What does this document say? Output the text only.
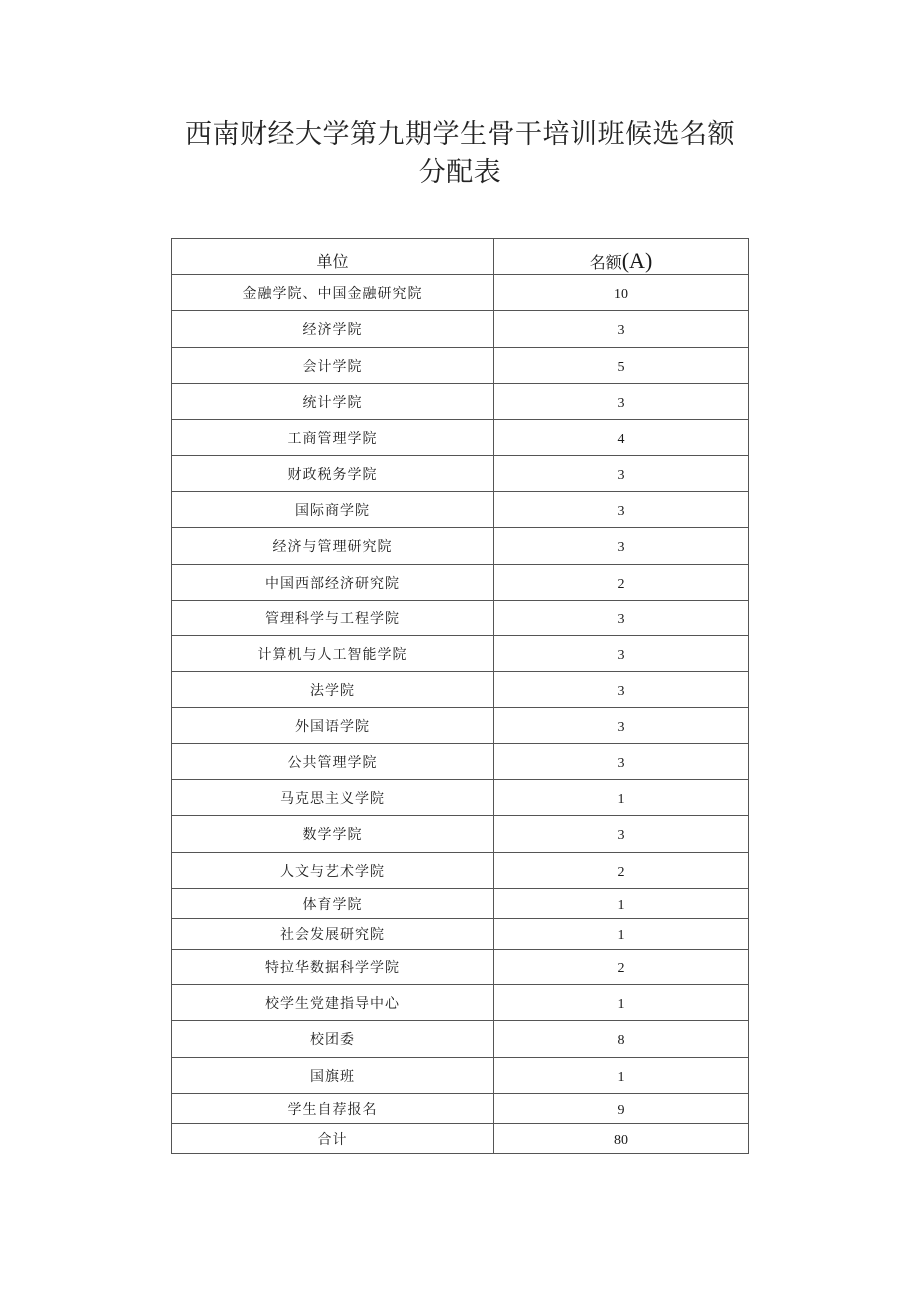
西南财经大学第九期学生骨干培训班候选名额
分配表
单位	名额(A)
金融学院、中国金融研究院	10
经济学院	3
会计学院	5
统计学院	3
工商管理学院	4
财政税务学院	3
国际商学院	3
经济与管理研究院	3
中国西部经济研究院	2
管理科学与工程学院	3
计算机与人工智能学院	3
法学院	3
外国语学院	3
公共管理学院	3
马克思主义学院	1
数学学院	3
人文与艺术学院	2
体育学院	1
社会发展研究院	1
特拉华数据科学学院	2
校学生党建指导中心	1
校团委	8
国旗班	1
学生自荐报名	9
合计	80
